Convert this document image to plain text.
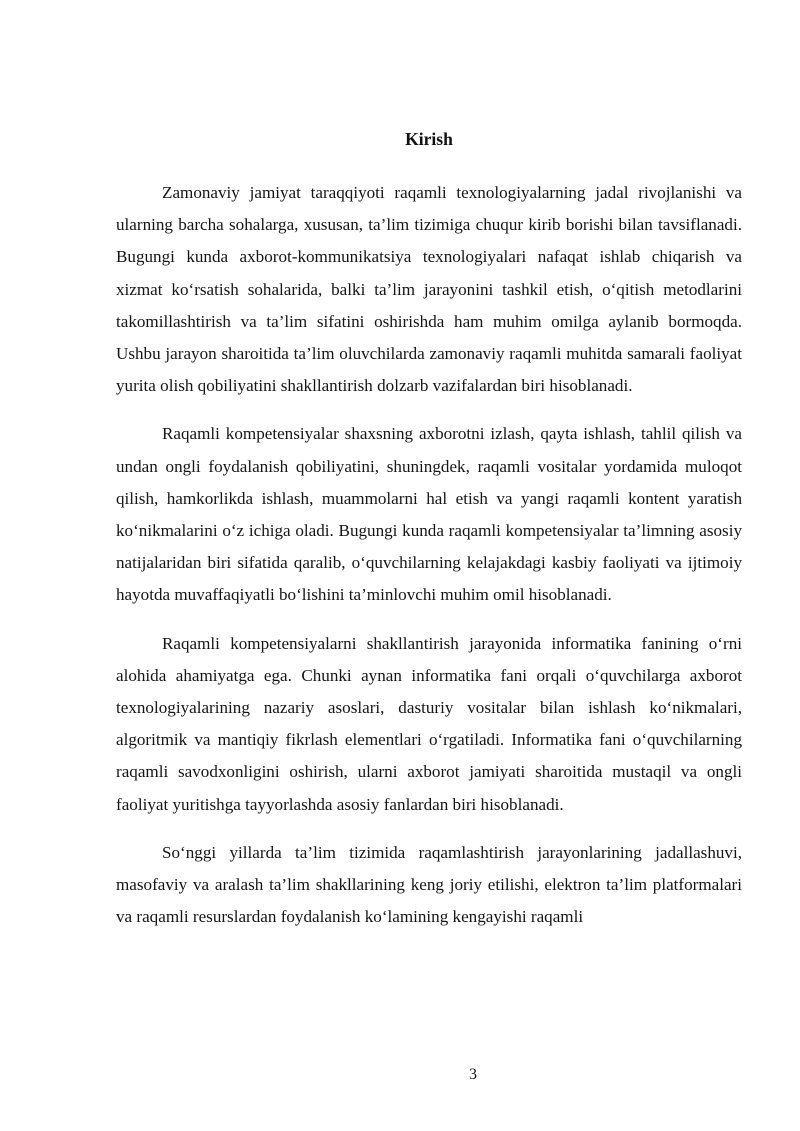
Kirish

Zamonaviy jamiyat taraqqiyoti raqamli texnologiyalarning jadal rivojlanishi va ularning barcha sohalarga, xususan, ta’lim tizimiga chuqur kirib borishi bilan tavsiflanadi. Bugungi kunda axborot-kommunikatsiya texnologiyalari nafaqat ishlab chiqarish va xizmat ko‘rsatish sohalarida, balki ta’lim jarayonini tashkil etish, o‘qitish metodlarini takomillashtirish va ta’lim sifatini oshirishda ham muhim omilga aylanib bormoqda. Ushbu jarayon sharoitida ta’lim oluvchilarda zamonaviy raqamli muhitda samarali faoliyat yurita olish qobiliyatini shakllantirish dolzarb vazifalardan biri hisoblanadi.

Raqamli kompetensiyalar shaxsning axborotni izlash, qayta ishlash, tahlil qilish va undan ongli foydalanish qobiliyatini, shuningdek, raqamli vositalar yordamida muloqot qilish, hamkorlikda ishlash, muammolarni hal etish va yangi raqamli kontent yaratish ko‘nikmalarini o‘z ichiga oladi. Bugungi kunda raqamli kompetensiyalar ta’limning asosiy natijalaridan biri sifatida qaralib, o‘quvchilarning kelajakdagi kasbiy faoliyati va ijtimoiy hayotda muvaffaqiyatli bo‘lishini ta’minlovchi muhim omil hisoblanadi.

Raqamli kompetensiyalarni shakllantirish jarayonida informatika fanining o‘rni alohida ahamiyatga ega. Chunki aynan informatika fani orqali o‘quvchilarga axborot texnologiyalarining nazariy asoslari, dasturiy vositalar bilan ishlash ko‘nikmalari, algoritmik va mantiqiy fikrlash elementlari o‘rgatiladi. Informatika fani o‘quvchilarning raqamli savodxonligini oshirish, ularni axborot jamiyati sharoitida mustaqil va ongli faoliyat yuritishga tayyorlashda asosiy fanlardan biri hisoblanadi.

So‘nggi yillarda ta’lim tizimida raqamlashtirish jarayonlarining jadallashuvi, masofaviy va aralash ta’lim shakllarining keng joriy etilishi, elektron ta’lim platformalari va raqamli resurslardan foydalanish ko‘lamining kengayishi raqamli

3
